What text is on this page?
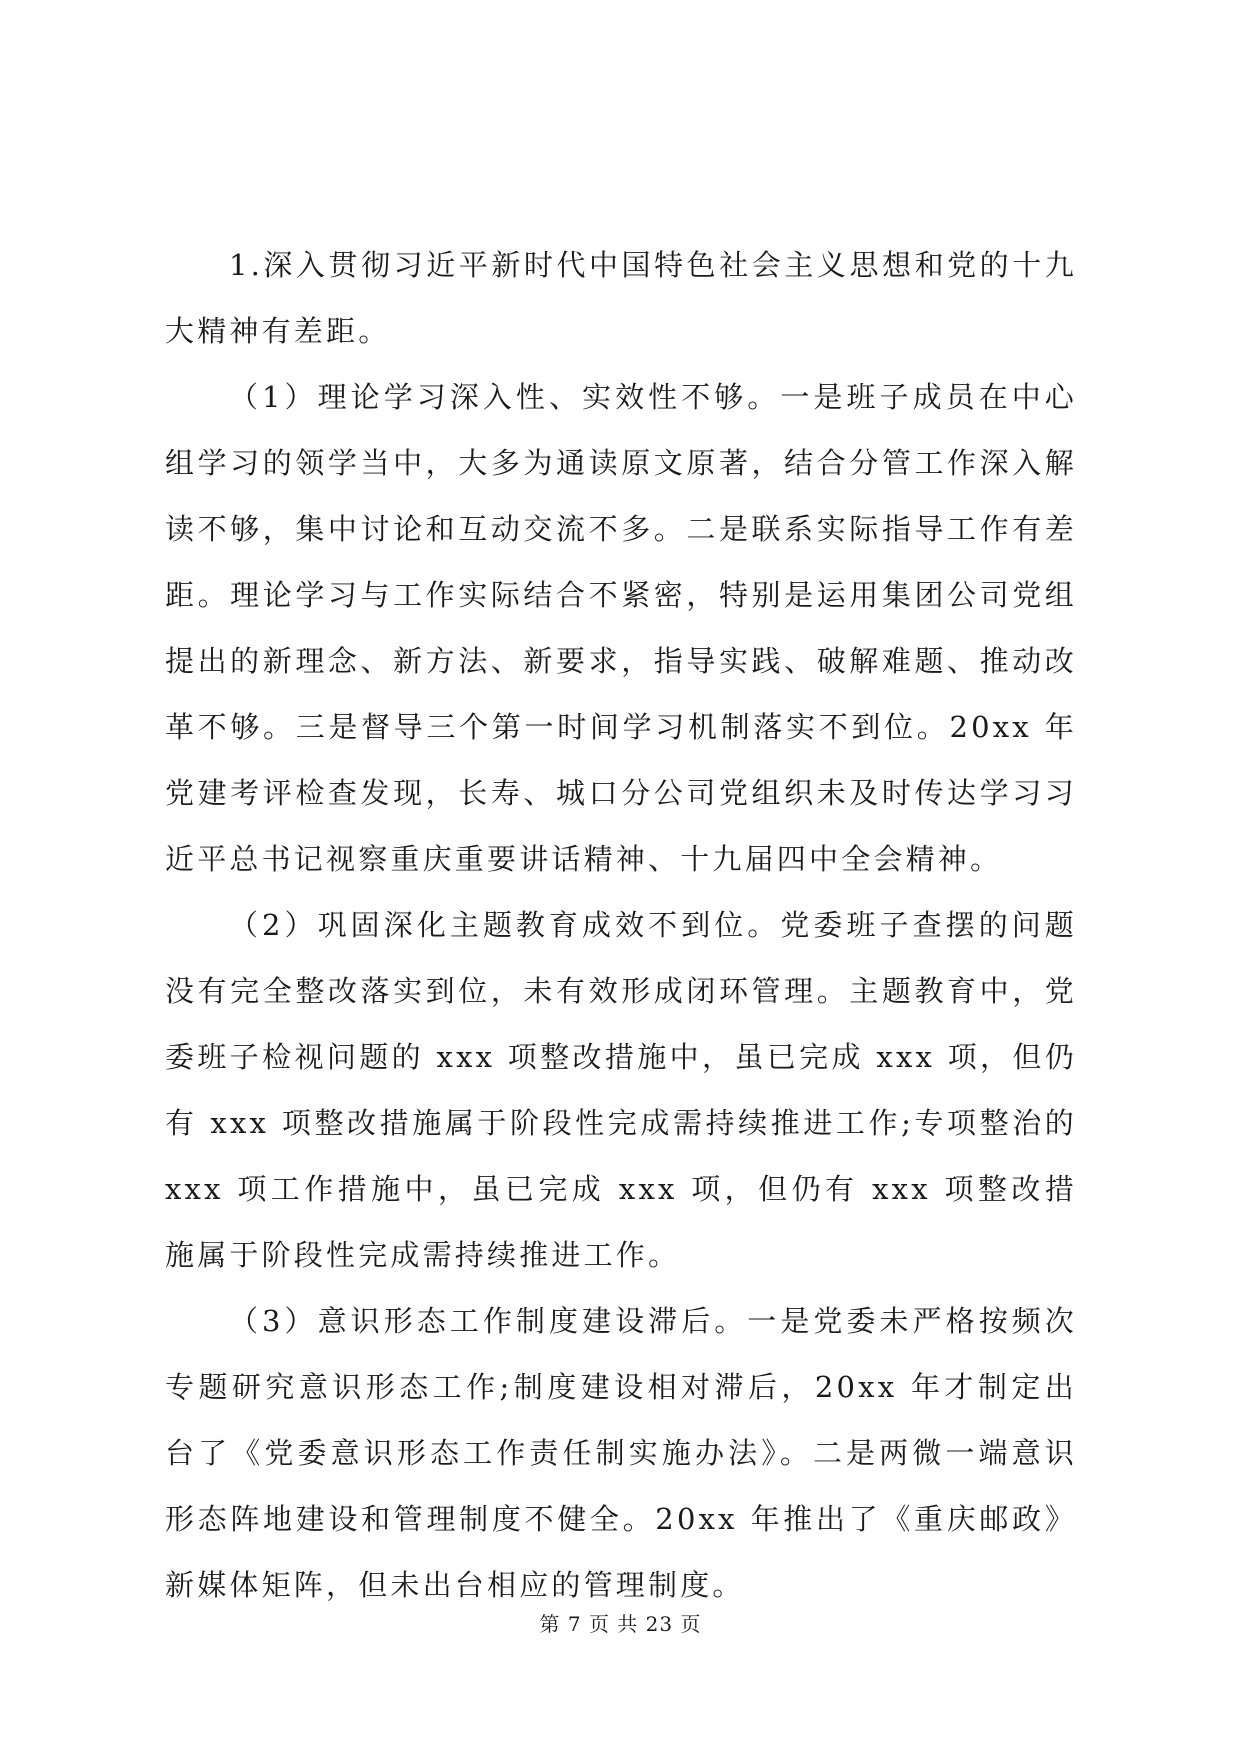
1.深入贯彻习近平新时代中国特色社会主义思想和党的十九大精神有差距。

（1）理论学习深入性、实效性不够。一是班子成员在中心组学习的领学当中，大多为通读原文原著，结合分管工作深入解读不够，集中讨论和互动交流不多。二是联系实际指导工作有差距。理论学习与工作实际结合不紧密，特别是运用集团公司党组提出的新理念、新方法、新要求，指导实践、破解难题、推动改革不够。三是督导三个第一时间学习机制落实不到位。20xx 年党建考评检查发现，长寿、城口分公司党组织未及时传达学习习近平总书记视察重庆重要讲话精神、十九届四中全会精神。

（2）巩固深化主题教育成效不到位。党委班子查摆的问题没有完全整改落实到位，未有效形成闭环管理。主题教育中，党委班子检视问题的 xxx 项整改措施中，虽已完成 xxx 项，但仍有 xxx 项整改措施属于阶段性完成需持续推进工作;专项整治的 xxx 项工作措施中，虽已完成 xxx 项，但仍有 xxx 项整改措施属于阶段性完成需持续推进工作。

（3）意识形态工作制度建设滞后。一是党委未严格按频次专题研究意识形态工作;制度建设相对滞后，20xx 年才制定出台了《党委意识形态工作责任制实施办法》。二是两微一端意识形态阵地建设和管理制度不健全。20xx 年推出了《重庆邮政》新媒体矩阵，但未出台相应的管理制度。

第 7 页 共 23 页
